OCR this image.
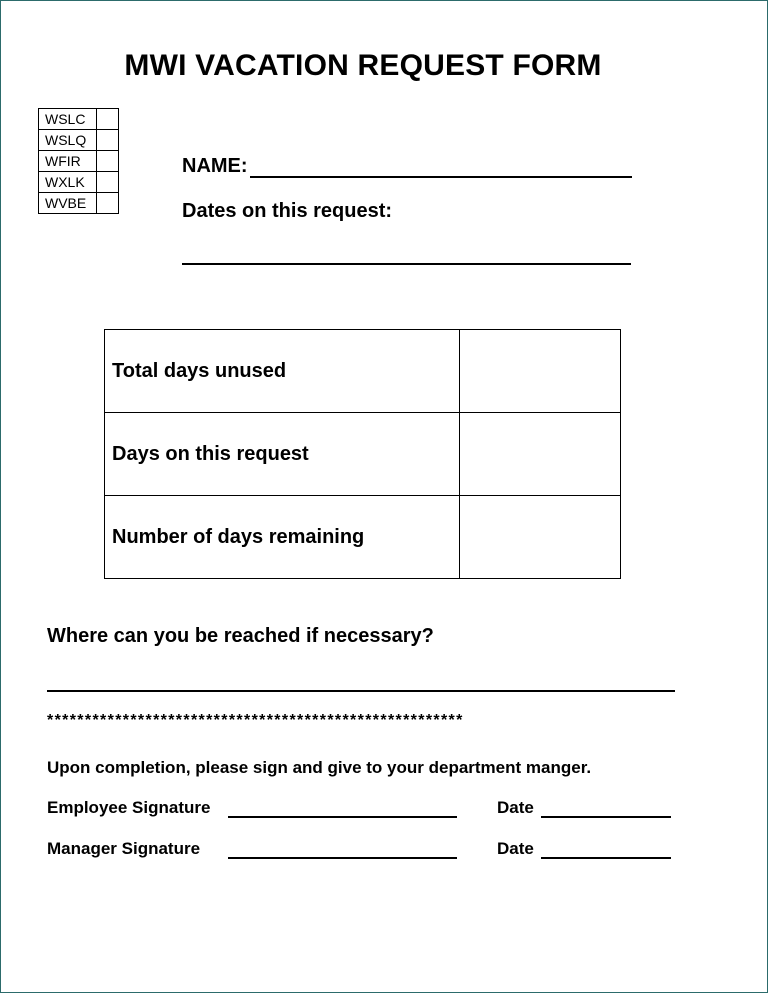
MWI VACATION REQUEST FORM
WSLC	
WSLQ	
WFIR	
WXLK	
WVBE	
NAME:
Dates on this request:
Total days unused	
Days on this request	
Number of days remaining	
Where can you be reached if necessary?
*******************************************************
Upon completion, please sign and give to your department manger.
Employee Signature	Date
Manager Signature	Date
